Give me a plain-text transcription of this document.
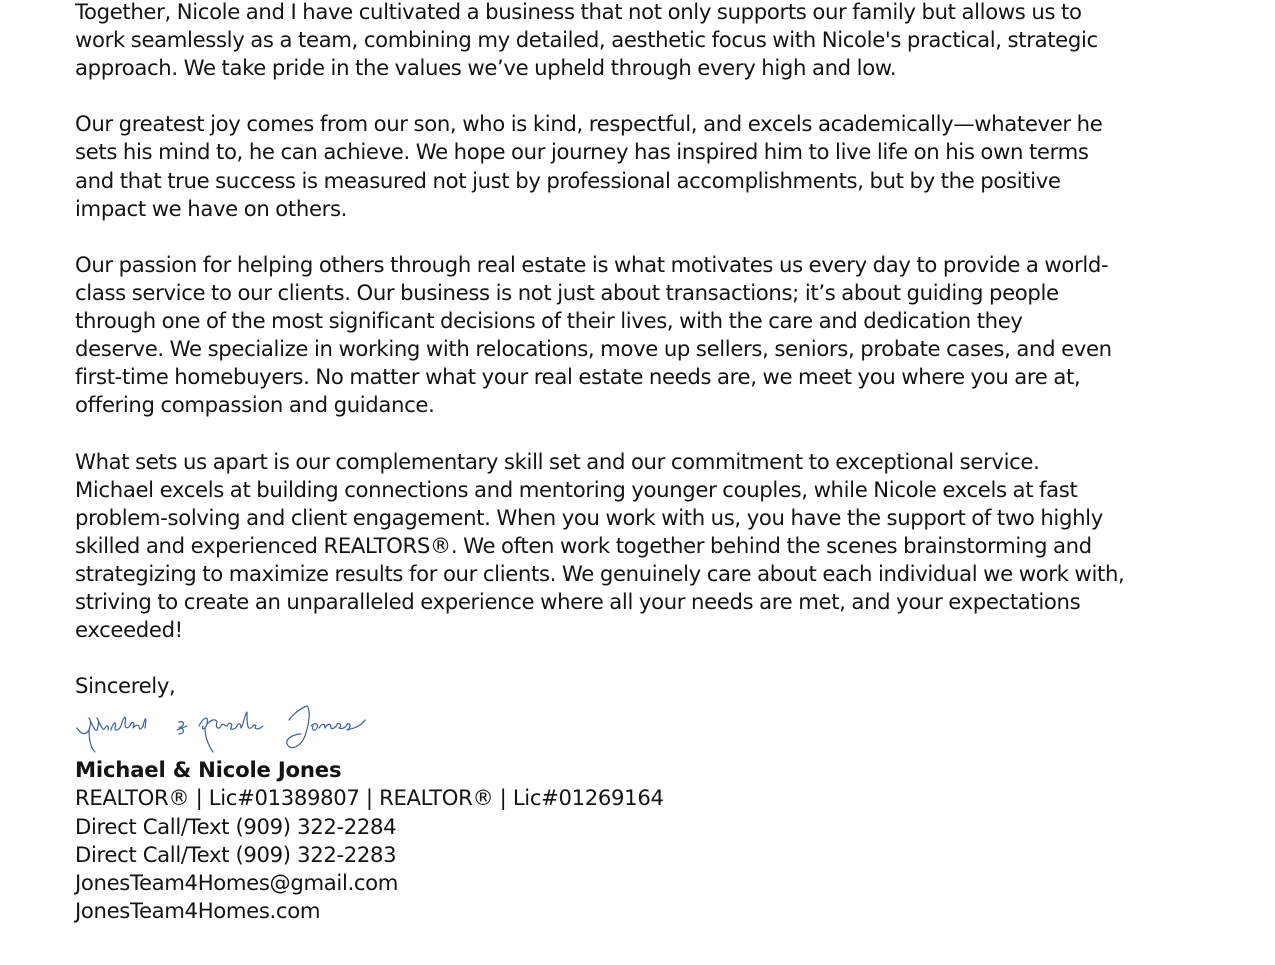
Together, Nicole and I have cultivated a business that not only supports our family but allows us to
work seamlessly as a team, combining my detailed, aesthetic focus with Nicole's practical, strategic
approach. We take pride in the values we’ve upheld through every high and low.

Our greatest joy comes from our son, who is kind, respectful, and excels academically—whatever he
sets his mind to, he can achieve. We hope our journey has inspired him to live life on his own terms
and that true success is measured not just by professional accomplishments, but by the positive
impact we have on others.

Our passion for helping others through real estate is what motivates us every day to provide a world-
class service to our clients. Our business is not just about transactions; it’s about guiding people
through one of the most significant decisions of their lives, with the care and dedication they
deserve. We specialize in working with relocations, move up sellers, seniors, probate cases, and even
first-time homebuyers. No matter what your real estate needs are, we meet you where you are at,
offering compassion and guidance.

What sets us apart is our complementary skill set and our commitment to exceptional service.
Michael excels at building connections and mentoring younger couples, while Nicole excels at fast
problem-solving and client engagement. When you work with us, you have the support of two highly
skilled and experienced REALTORS®. We often work together behind the scenes brainstorming and
strategizing to maximize results for our clients. We genuinely care about each individual we work with,
striving to create an unparalleled experience where all your needs are met, and your expectations
exceeded!

Sincerely,

Michael & Nicole Jones
REALTOR® | Lic#01389807 | REALTOR® | Lic#01269164
Direct Call/Text (909) 322-2284
Direct Call/Text (909) 322-2283
JonesTeam4Homes@gmail.com
JonesTeam4Homes.com
